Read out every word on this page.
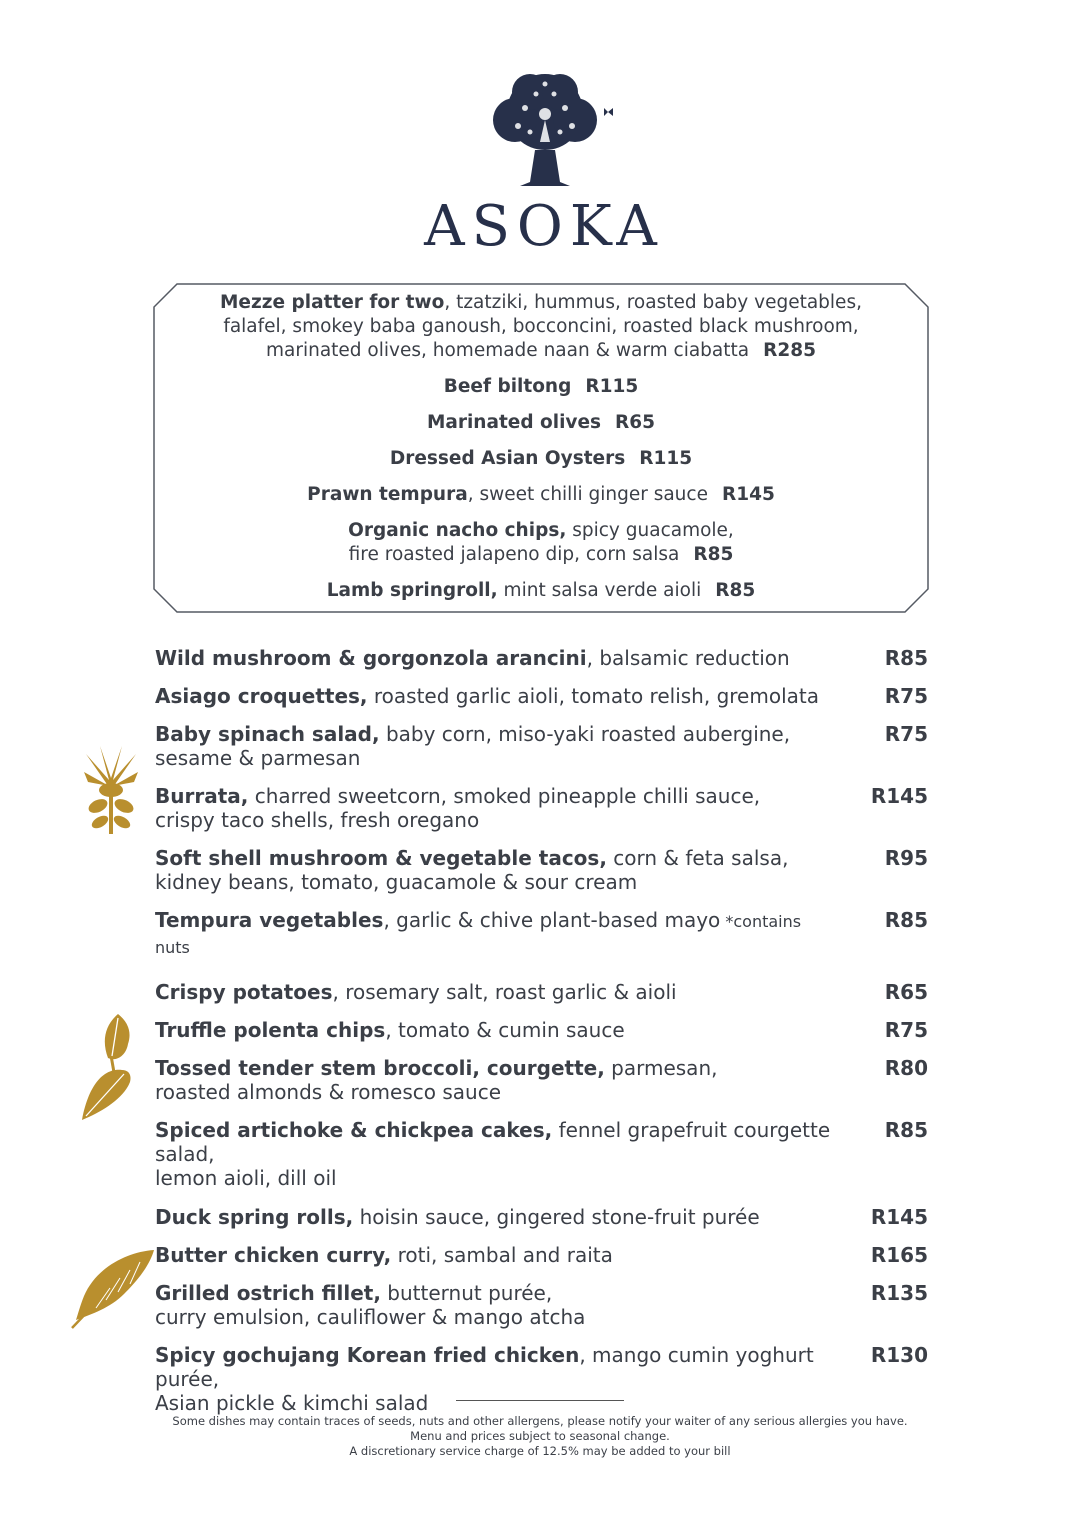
ASOKA
Mezze platter for two, tzatziki, hummus, roasted baby vegetables,
falafel, smokey baba ganoush, bocconcini, roasted black mushroom,
marinated olives, homemade naan & warm ciabatta R285
Beef biltong R115
Marinated olives R65
Dressed Asian Oysters R115
Prawn tempura, sweet chilli ginger sauce R145
Organic nacho chips, spicy guacamole,
fire roasted jalapeno dip, corn salsa R85
Lamb springroll, mint salsa verde aioli R85
Wild mushroom & gorgonzola arancini, balsamic reduction	R85
Asiago croquettes, roasted garlic aioli, tomato relish, gremolata	R75
Baby spinach salad, baby corn, miso-yaki roasted aubergine,
sesame & parmesan
R75
Burrata, charred sweetcorn, smoked pineapple chilli sauce,
crispy taco shells, fresh oregano
R145
Soft shell mushroom & vegetable tacos, corn & feta salsa,
kidney beans, tomato, guacamole & sour cream
R95
Tempura vegetables, garlic & chive plant-based mayo *contains nuts
R85
Crispy potatoes, rosemary salt, roast garlic & aioli	R65
Truffle polenta chips, tomato & cumin sauce	R75
Tossed tender stem broccoli, courgette, parmesan,
roasted almonds & romesco sauce
R80
Spiced artichoke & chickpea cakes, fennel grapefruit courgette salad,
lemon aioli, dill oil
R85
Duck spring rolls, hoisin sauce, gingered stone-fruit purée	R145
Butter chicken curry, roti, sambal and raita	R165
Grilled ostrich fillet, butternut purée,
curry emulsion, cauliflower & mango atcha
R135
Spicy gochujang Korean fried chicken, mango cumin yoghurt purée,
Asian pickle & kimchi salad
R130
Some dishes may contain traces of seeds, nuts and other allergens, please notify your waiter of any serious allergies you have.
Menu and prices subject to seasonal change.
A discretionary service charge of 12.5% may be added to your bill
